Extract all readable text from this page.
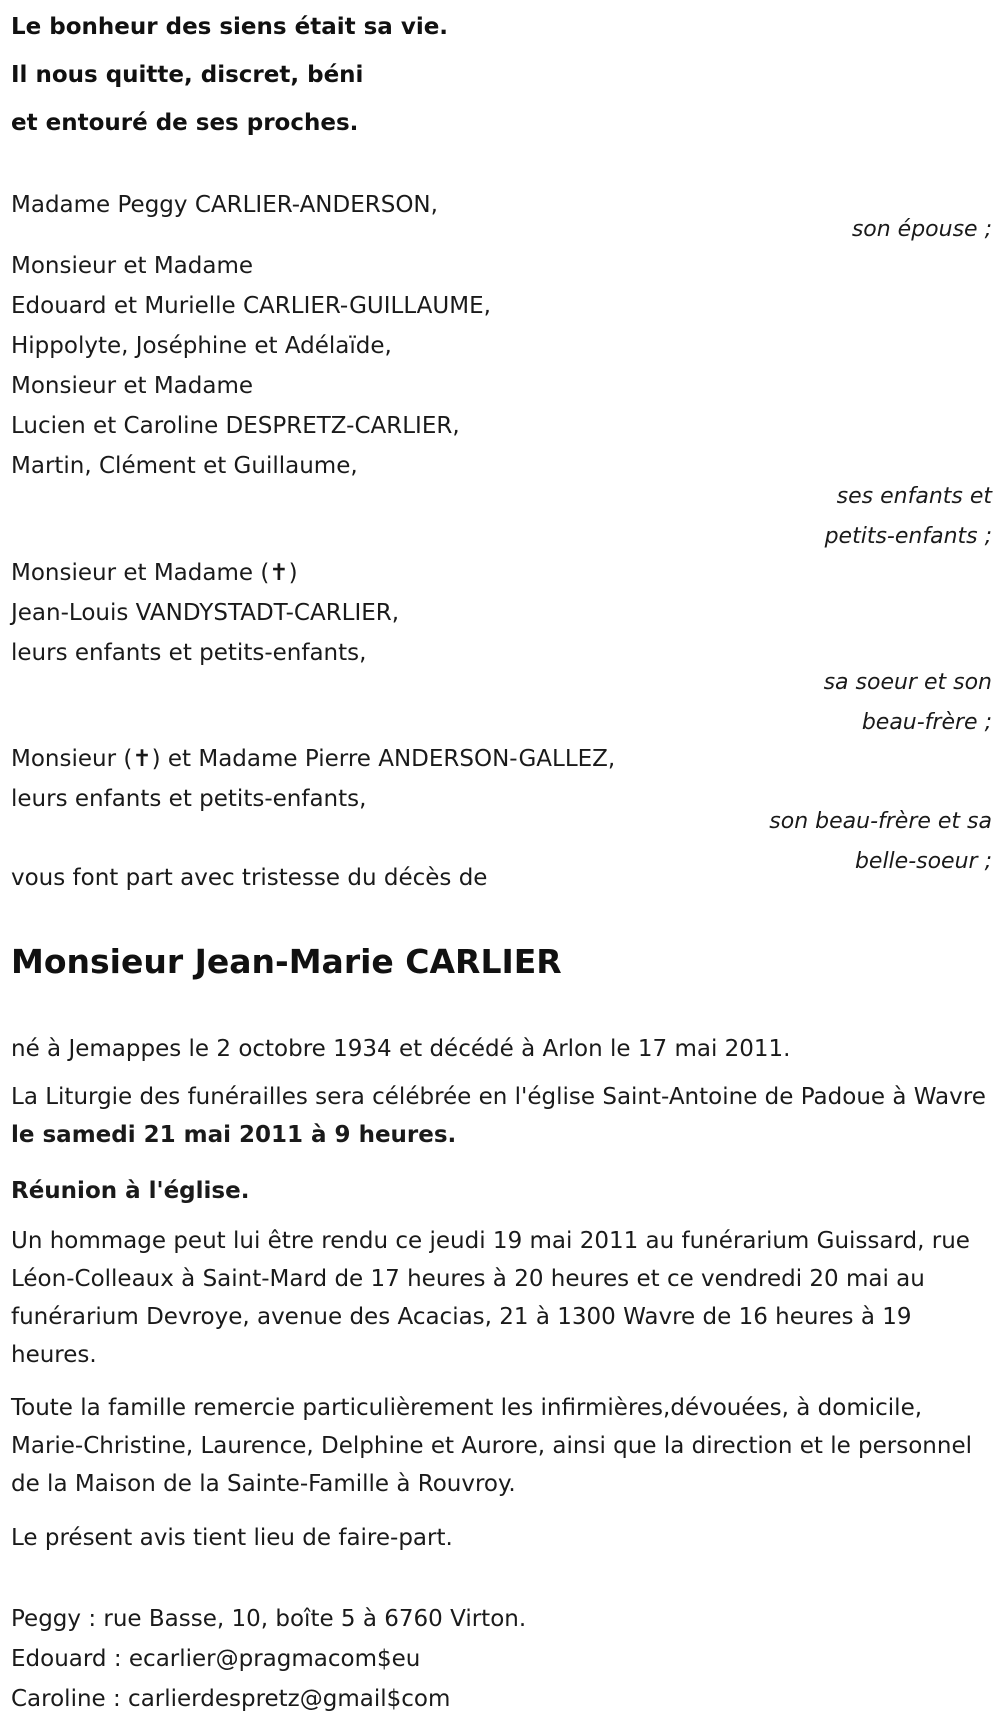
Le bonheur des siens était sa vie.
Il nous quitte, discret, béni
et entouré de ses proches.
Madame Peggy CARLIER-ANDERSON,
son épouse ;
Monsieur et Madame
Edouard et Murielle CARLIER-GUILLAUME,
Hippolyte, Joséphine et Adélaïde,
Monsieur et Madame
Lucien et Caroline DESPRETZ-CARLIER,
Martin, Clément et Guillaume,
ses enfants et
petits-enfants ;
Monsieur et Madame (✝)
Jean-Louis VANDYSTADT-CARLIER,
leurs enfants et petits-enfants,
sa soeur et son
beau-frère ;
Monsieur (✝) et Madame Pierre ANDERSON-GALLEZ,
leurs enfants et petits-enfants,
son beau-frère et sa
belle-soeur ;
vous font part avec tristesse du décès de
Monsieur Jean-Marie CARLIER

né à Jemappes le 2 octobre 1934 et décédé à Arlon le 17 mai 2011.

La Liturgie des funérailles sera célébrée en l'église Saint-Antoine de Padoue à Wavre le samedi 21 mai 2011 à 9 heures.

Réunion à l'église.

Un hommage peut lui être rendu ce jeudi 19 mai 2011 au funérarium Guissard, rue Léon-Colleaux à Saint-Mard de 17 heures à 20 heures et ce vendredi 20 mai au funérarium Devroye, avenue des Acacias, 21 à 1300 Wavre de 16 heures à 19 heures.

Toute la famille remercie particulièrement les infirmières,dévouées, à domicile, Marie-Christine, Laurence, Delphine et Aurore, ainsi que la direction et le personnel de la Maison de la Sainte-Famille à Rouvroy.

Le présent avis tient lieu de faire-part.

Peggy : rue Basse, 10, boîte 5 à 6760 Virton.
Edouard : ecarlier@pragmacom$eu
Caroline : carlierdespretz@gmail$com
